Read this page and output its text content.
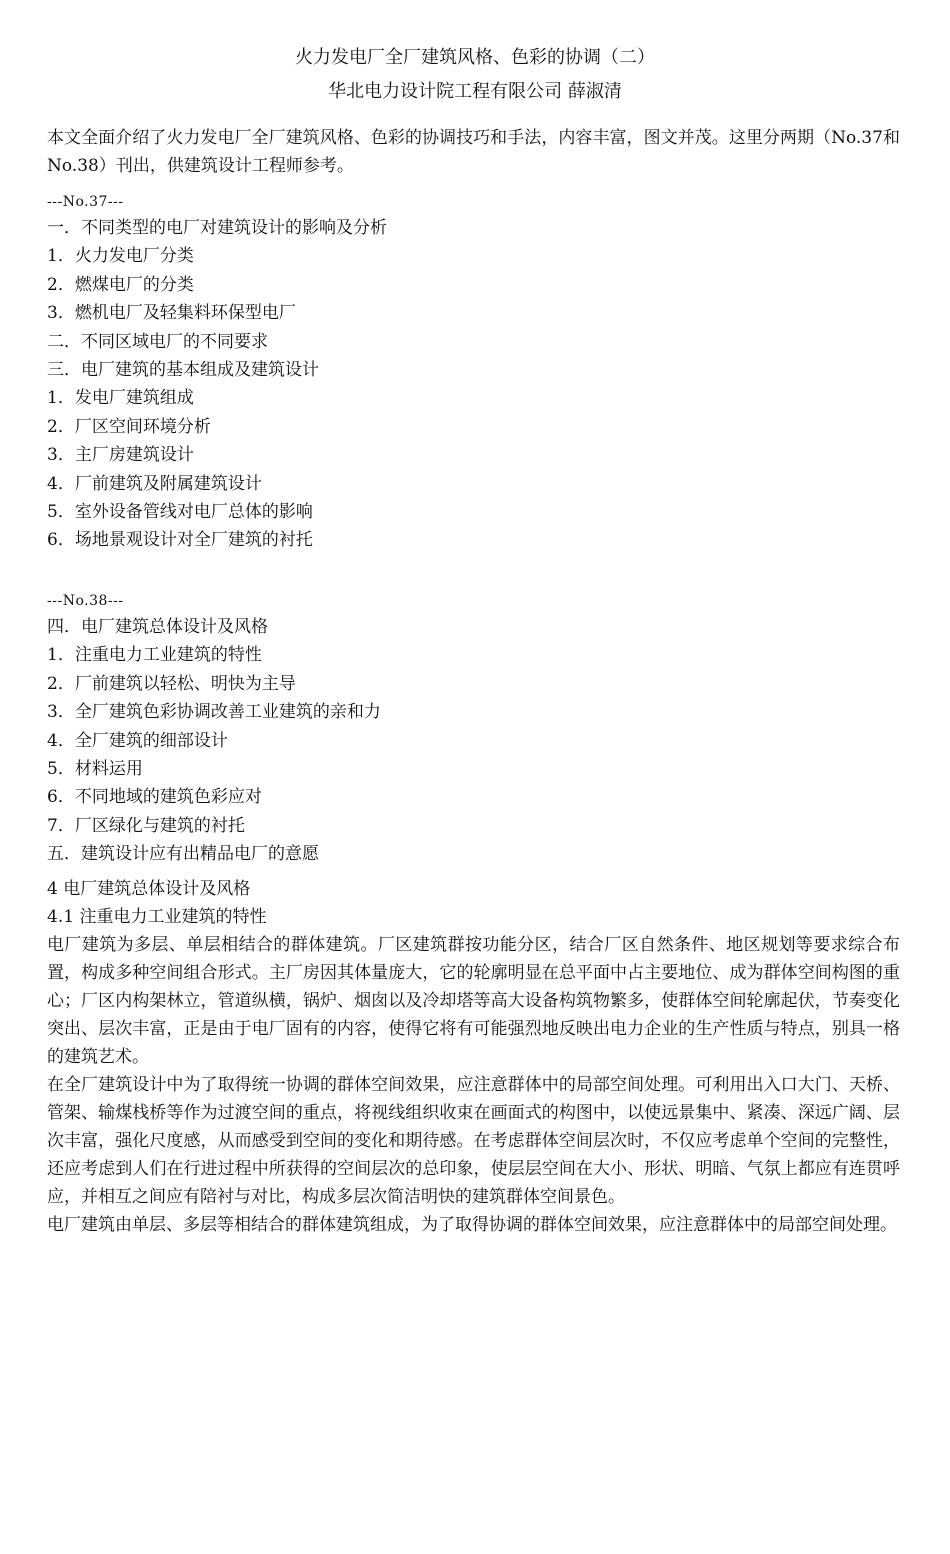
火力发电厂全厂建筑风格、色彩的协调（二）
华北电力设计院工程有限公司 薛淑清

本文全面介绍了火力发电厂全厂建筑风格、色彩的协调技巧和手法，内容丰富，图文并茂。这里分两期（No.37和No.38）刊出，供建筑设计工程师参考。

---No.37---
一．不同类型的电厂对建筑设计的影响及分析
1．火力发电厂分类
2．燃煤电厂的分类
3．燃机电厂及轻集料环保型电厂
二．不同区域电厂的不同要求
三．电厂建筑的基本组成及建筑设计
1．发电厂建筑组成
2．厂区空间环境分析
3．主厂房建筑设计
4．厂前建筑及附属建筑设计
5．室外设备管线对电厂总体的影响
6．场地景观设计对全厂建筑的衬托
---No.38---
四．电厂建筑总体设计及风格
1．注重电力工业建筑的特性
2．厂前建筑以轻松、明快为主导
3．全厂建筑色彩协调改善工业建筑的亲和力
4．全厂建筑的细部设计
5．材料运用
6．不同地域的建筑色彩应对
7．厂区绿化与建筑的衬托
五．建筑设计应有出精品电厂的意愿
4 电厂建筑总体设计及风格
4.1 注重电力工业建筑的特性

电厂建筑为多层、单层相结合的群体建筑。厂区建筑群按功能分区，结合厂区自然条件、地区规划等要求综合布置，构成多种空间组合形式。主厂房因其体量庞大，它的轮廓明显在总平面中占主要地位、成为群体空间构图的重心；厂区内构架林立，管道纵横，锅炉、烟囱以及冷却塔等高大设备构筑物繁多，使群体空间轮廓起伏，节奏变化突出、层次丰富，正是由于电厂固有的内容，使得它将有可能强烈地反映出电力企业的生产性质与特点，别具一格的建筑艺术。

在全厂建筑设计中为了取得统一协调的群体空间效果，应注意群体中的局部空间处理。可利用出入口大门、天桥、管架、输煤栈桥等作为过渡空间的重点，将视线组织收束在画面式的构图中，以使远景集中、紧凑、深远广阔、层次丰富，强化尺度感，从而感受到空间的变化和期待感。在考虑群体空间层次时，不仅应考虑单个空间的完整性，还应考虑到人们在行进过程中所获得的空间层次的总印象，使层层空间在大小、形状、明暗、气氛上都应有连贯呼应，并相互之间应有陪衬与对比，构成多层次简洁明快的建筑群体空间景色。

电厂建筑由单层、多层等相结合的群体建筑组成，为了取得协调的群体空间效果，应注意群体中的局部空间处理。
